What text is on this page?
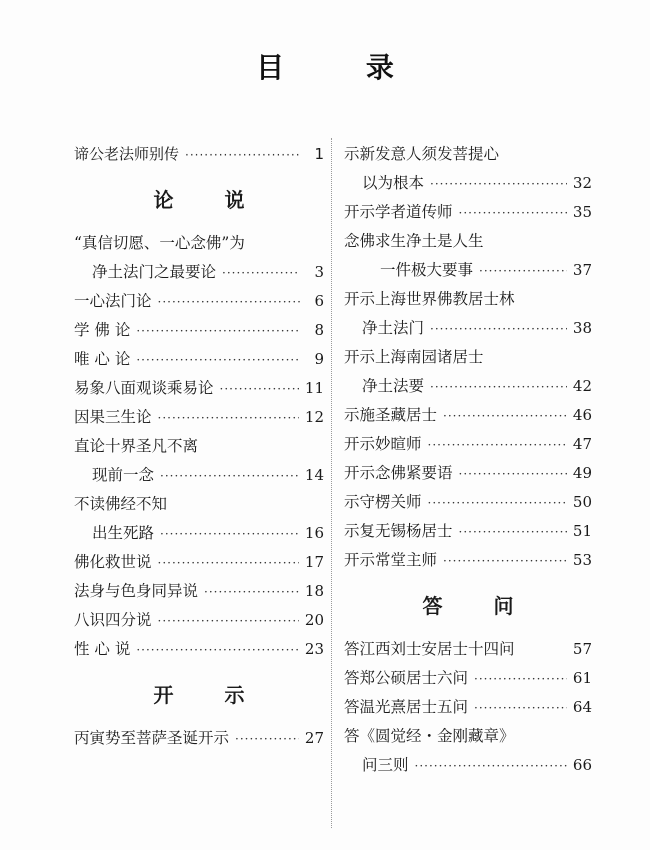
目 录
谛公老法师别传 ·····	1
论 说
“真信切愿、一心念佛”为
净土法门之最要论 ·····	3
一心法门论 ·····	6
学 佛 论 ·····	8
唯 心 论 ·····	9
易象八面观谈乘易论 ·····	11
因果三生论 ·····	12
直论十界圣凡不离
现前一念 ·····	14
不读佛经不知
出生死路 ·····	16
佛化救世说 ·····	17
法身与色身同异说 ·····	18
八识四分说 ·····	20
性 心 说 ·····	23
开 示
丙寅势至菩萨圣诞开示 ·····	27
示新发意人须发菩提心
以为根本 ·····	32
开示学者道传师 ·····	35
念佛求生净土是人生
一件极大要事 ·····	37
开示上海世界佛教居士林
净土法门 ·····	38
开示上海南园诸居士
净土法要 ·····	42
示施圣藏居士 ·····	46
开示妙暄师 ·····	47
开示念佛紧要语 ·····	49
示守楞关师 ·····	50
示复无锡杨居士 ·····	51
开示常堂主师 ·····	53
答 问
答江西刘士安居士十四问	57
答郑公硕居士六问 ·····	61
答温光熹居士五问 ·····	64
答《圆觉经・金刚藏章》
问三则 ·····	66
